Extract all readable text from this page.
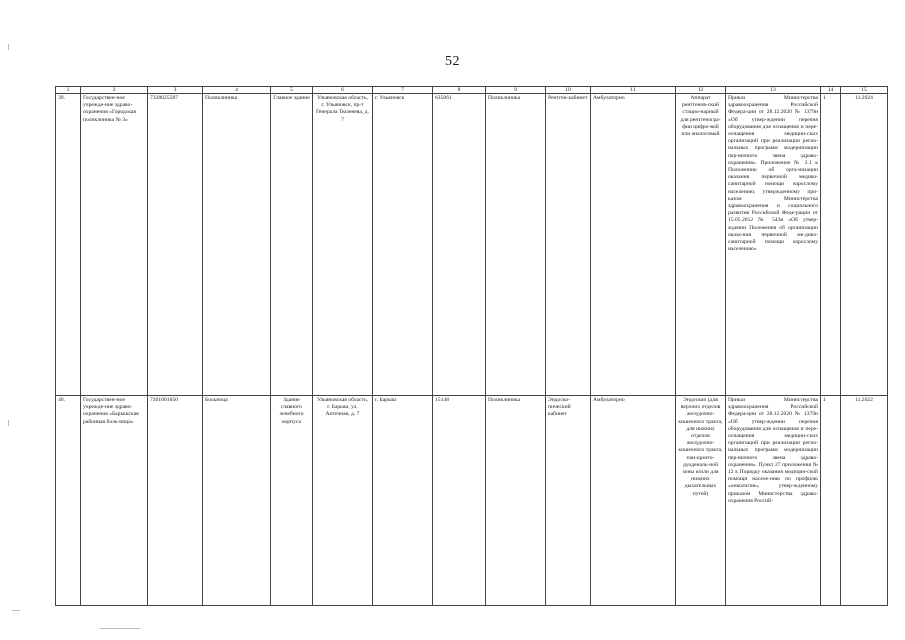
52
1	2	3	4	5	6	7	8	9	10	11	12	13	14	15
39.	Государствен-ное учрежде-ние здраво-охранения «Городская поликлиника № 3»	7328025587	Поликлиника	Главное здание	Ульяновская область, г. Ульяновск, пр-т Генерала Тюленева, д. 7	г. Ульяновск	635061	Поликлиника	Рентген-кабинет	Амбулаторно	Аппарат рентгенов-ский стацио-нарный для рентгеногра-фии цифро-вой или аналоговый	Приказ Министерства здравоохранения Российской Федера-ции от 28.12.2020 № 1379н «Об утвер-ждении перечня оборудования для оснащения и пере-оснащения медицин-ских организаций при реализации регио-нальных программ модернизации пер-вичного звена здраво-охранения». Приложение № 2.1 к Положению об орга-низации оказания первичной медико-санитарной помощи взрослому населению, утвержденному при-казом Министерства здравоохранения и социального развития Российской Феде-рации от 15.05.2012 № 543н «Об утвер-ждении Положения об организации оказа-ния первичной ме-дико-санитарной помощи взрослому населению»	1	11.2024
40.	Государствен-ное учрежде-ние здраво-охранения «Барышская районная боль-ница»	7301001650	Больница	Здание главного лечебного корпуса	Ульяновская область, г. Барыш, ул. Аптечная, д. 7	г. Барыш	15148	Поликлиника	Эндоско-пический кабинет	Амбулаторно	Эндоскоп (для верхних отделов желудочно-кишечного тракта, для нижних отделов желудочно-кишечного тракта, пан-креато-дуоденаль-ной зоны и/или для нижних дыхательных путей)	Приказ Министерства здравоохранения Российской Федера-ции от 28.12.2020 № 1379н «Об утвер-ждении перечня оборудования для оснащения и пере-оснащения медицин-ских организаций при реализации регио-нальных программ модернизации пер-вичного звена здраво-охранения». Пункт 27 приложения № 12 к Порядку оказания медицин-ской помощи населе-нию по профилю «онкология», утвер-жденному приказом Министерства здраво-охранения Россий-	1	11.2022
